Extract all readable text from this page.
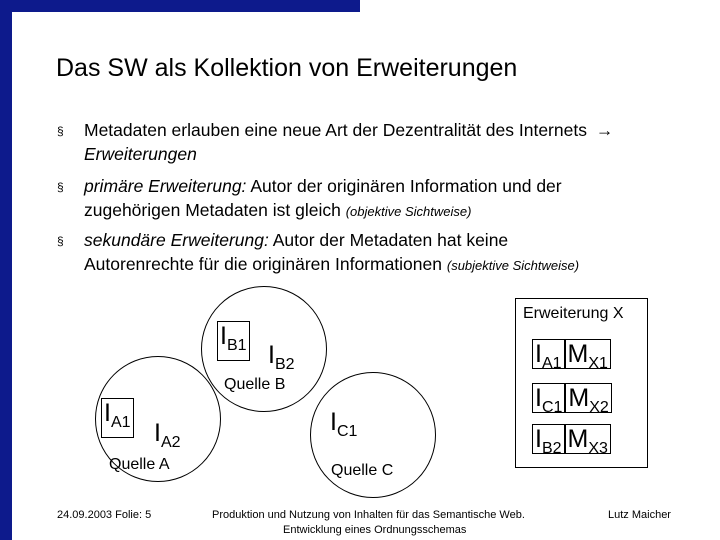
Das SW als Kollektion von Erweiterungen
§ Metadaten erlauben eine neue Art der Dezentralität des Internets →
Erweiterungen
§ primäre Erweiterung: Autor der originären Information und der
zugehörigen Metadaten ist gleich (objektive Sichtweise)
§ sekundäre Erweiterung: Autor der Metadaten hat keine
Autorenrechte für die originären Informationen (subjektive Sichtweise)
$I_{B1}$ $I_{B2}$
Quelle B
$I_{A1}$ $I_{A2}$
Quelle A
$I_{C1}$
Quelle C
Erweiterung X
$I_{A1}$ $M_{X1}$
$I_{C1}$ $M_{X2}$
$I_{B2}$ $M_{X3}$
24.09.2003 Folie: 5	Produktion und Nutzung von Inhalten für das Semantische Web.
Entwicklung eines Ordnungsschemas
Lutz Maicher
